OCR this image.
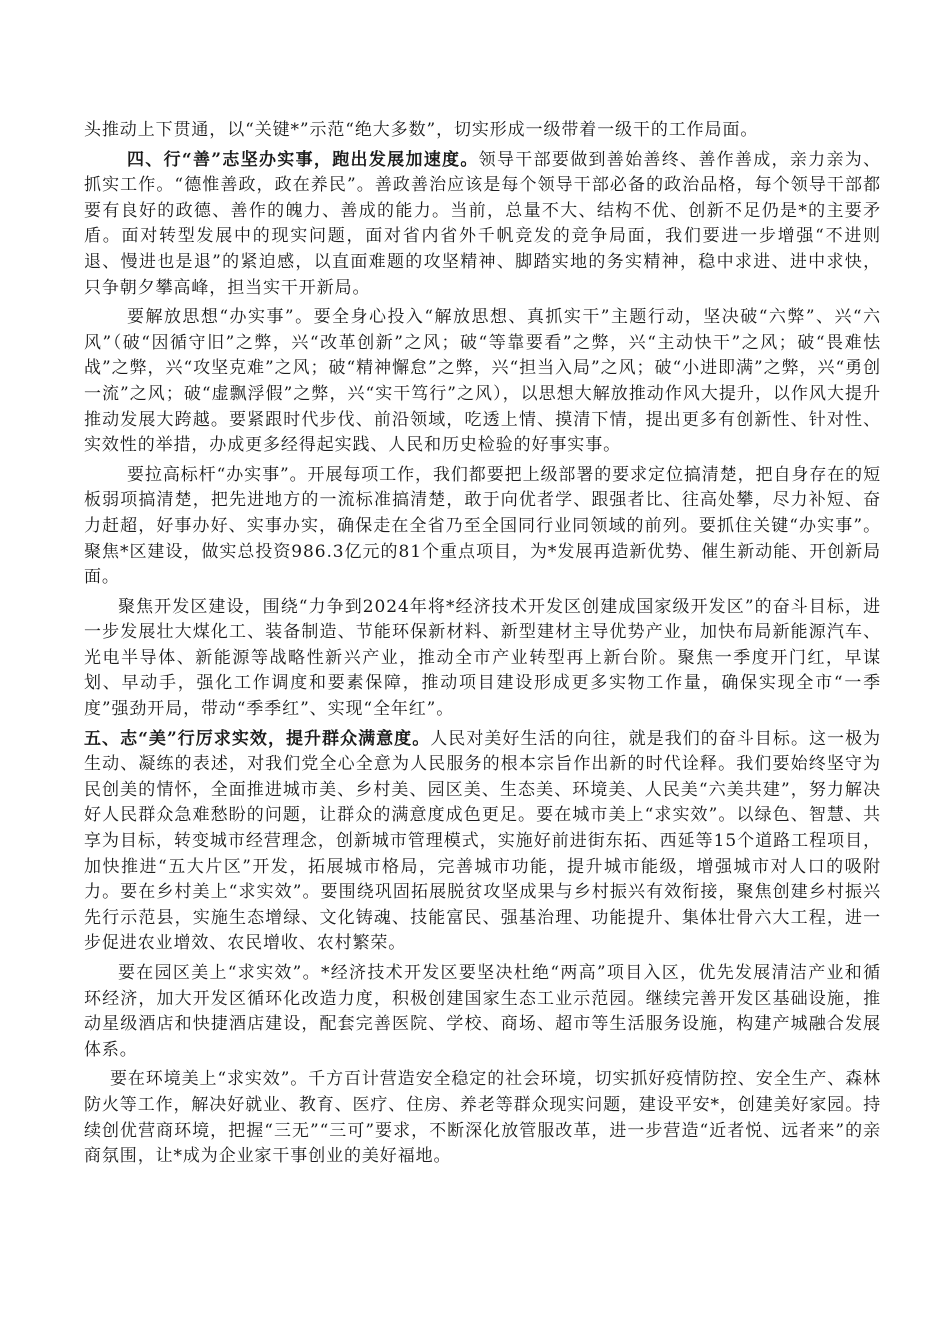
头推动上下贯通，以“关键*”示范“绝大多数”，切实形成一级带着一级干的工作局面。

四、行“善”志坚办实事，跑出发展加速度。领导干部要做到善始善终、善作善成，亲力亲为、抓实工作。“德惟善政，政在养民”。善政善治应该是每个领导干部必备的政治品格，每个领导干部都要有良好的政德、善作的魄力、善成的能力。当前，总量不大、结构不优、创新不足仍是*的主要矛盾。面对转型发展中的现实问题，面对省内省外千帆竞发的竞争局面，我们要进一步增强“不进则退、慢进也是退”的紧迫感，以直面难题的攻坚精神、脚踏实地的务实精神，稳中求进、进中求快，只争朝夕攀高峰，担当实干开新局。

要解放思想“办实事”。要全身心投入“解放思想、真抓实干”主题行动，坚决破“六弊”、兴“六风”（破“因循守旧”之弊，兴“改革创新”之风；破“等靠要看”之弊，兴“主动快干”之风；破“畏难怯战”之弊，兴“攻坚克难”之风；破“精神懈怠”之弊，兴“担当入局”之风；破“小进即满”之弊，兴“勇创一流”之风；破“虚飘浮假”之弊，兴“实干笃行”之风），以思想大解放推动作风大提升，以作风大提升推动发展大跨越。要紧跟时代步伐、前沿领域，吃透上情、摸清下情，提出更多有创新性、针对性、实效性的举措，办成更多经得起实践、人民和历史检验的好事实事。

要拉高标杆“办实事”。开展每项工作，我们都要把上级部署的要求定位搞清楚，把自身存在的短板弱项搞清楚，把先进地方的一流标准搞清楚，敢于向优者学、跟强者比、往高处攀，尽力补短、奋力赶超，好事办好、实事办实，确保走在全省乃至全国同行业同领域的前列。要抓住关键“办实事”。聚焦*区建设，做实总投资986.3亿元的81个重点项目，为*发展再造新优势、催生新动能、开创新局面。

聚焦开发区建设，围绕“力争到2024年将*经济技术开发区创建成国家级开发区”的奋斗目标，进一步发展壮大煤化工、装备制造、节能环保新材料、新型建材主导优势产业，加快布局新能源汽车、光电半导体、新能源等战略性新兴产业，推动全市产业转型再上新台阶。聚焦一季度开门红，早谋划、早动手，强化工作调度和要素保障，推动项目建设形成更多实物工作量，确保实现全市“一季度”强劲开局，带动“季季红”、实现“全年红”。

五、志“美”行厉求实效，提升群众满意度。人民对美好生活的向往，就是我们的奋斗目标。这一极为生动、凝练的表述，对我们党全心全意为人民服务的根本宗旨作出新的时代诠释。我们要始终坚守为民创美的情怀，全面推进城市美、乡村美、园区美、生态美、环境美、人民美“六美共建”，努力解决好人民群众急难愁盼的问题，让群众的满意度成色更足。要在城市美上“求实效”。以绿色、智慧、共享为目标，转变城市经营理念，创新城市管理模式，实施好前进街东拓、西延等15个道路工程项目，加快推进“五大片区”开发，拓展城市格局，完善城市功能，提升城市能级，增强城市对人口的吸附力。要在乡村美上“求实效”。要围绕巩固拓展脱贫攻坚成果与乡村振兴有效衔接，聚焦创建乡村振兴先行示范县，实施生态增绿、文化铸魂、技能富民、强基治理、功能提升、集体壮骨六大工程，进一步促进农业增效、农民增收、农村繁荣。

要在园区美上“求实效”。*经济技术开发区要坚决杜绝“两高”项目入区，优先发展清洁产业和循环经济，加大开发区循环化改造力度，积极创建国家生态工业示范园。继续完善开发区基础设施，推动星级酒店和快捷酒店建设，配套完善医院、学校、商场、超市等生活服务设施，构建产城融合发展体系。

要在环境美上“求实效”。千方百计营造安全稳定的社会环境，切实抓好疫情防控、安全生产、森林防火等工作，解决好就业、教育、医疗、住房、养老等群众现实问题，建设平安*，创建美好家园。持续创优营商环境，把握“三无”“三可”要求，不断深化放管服改革，进一步营造“近者悦、远者来”的亲商氛围，让*成为企业家干事创业的美好福地。
